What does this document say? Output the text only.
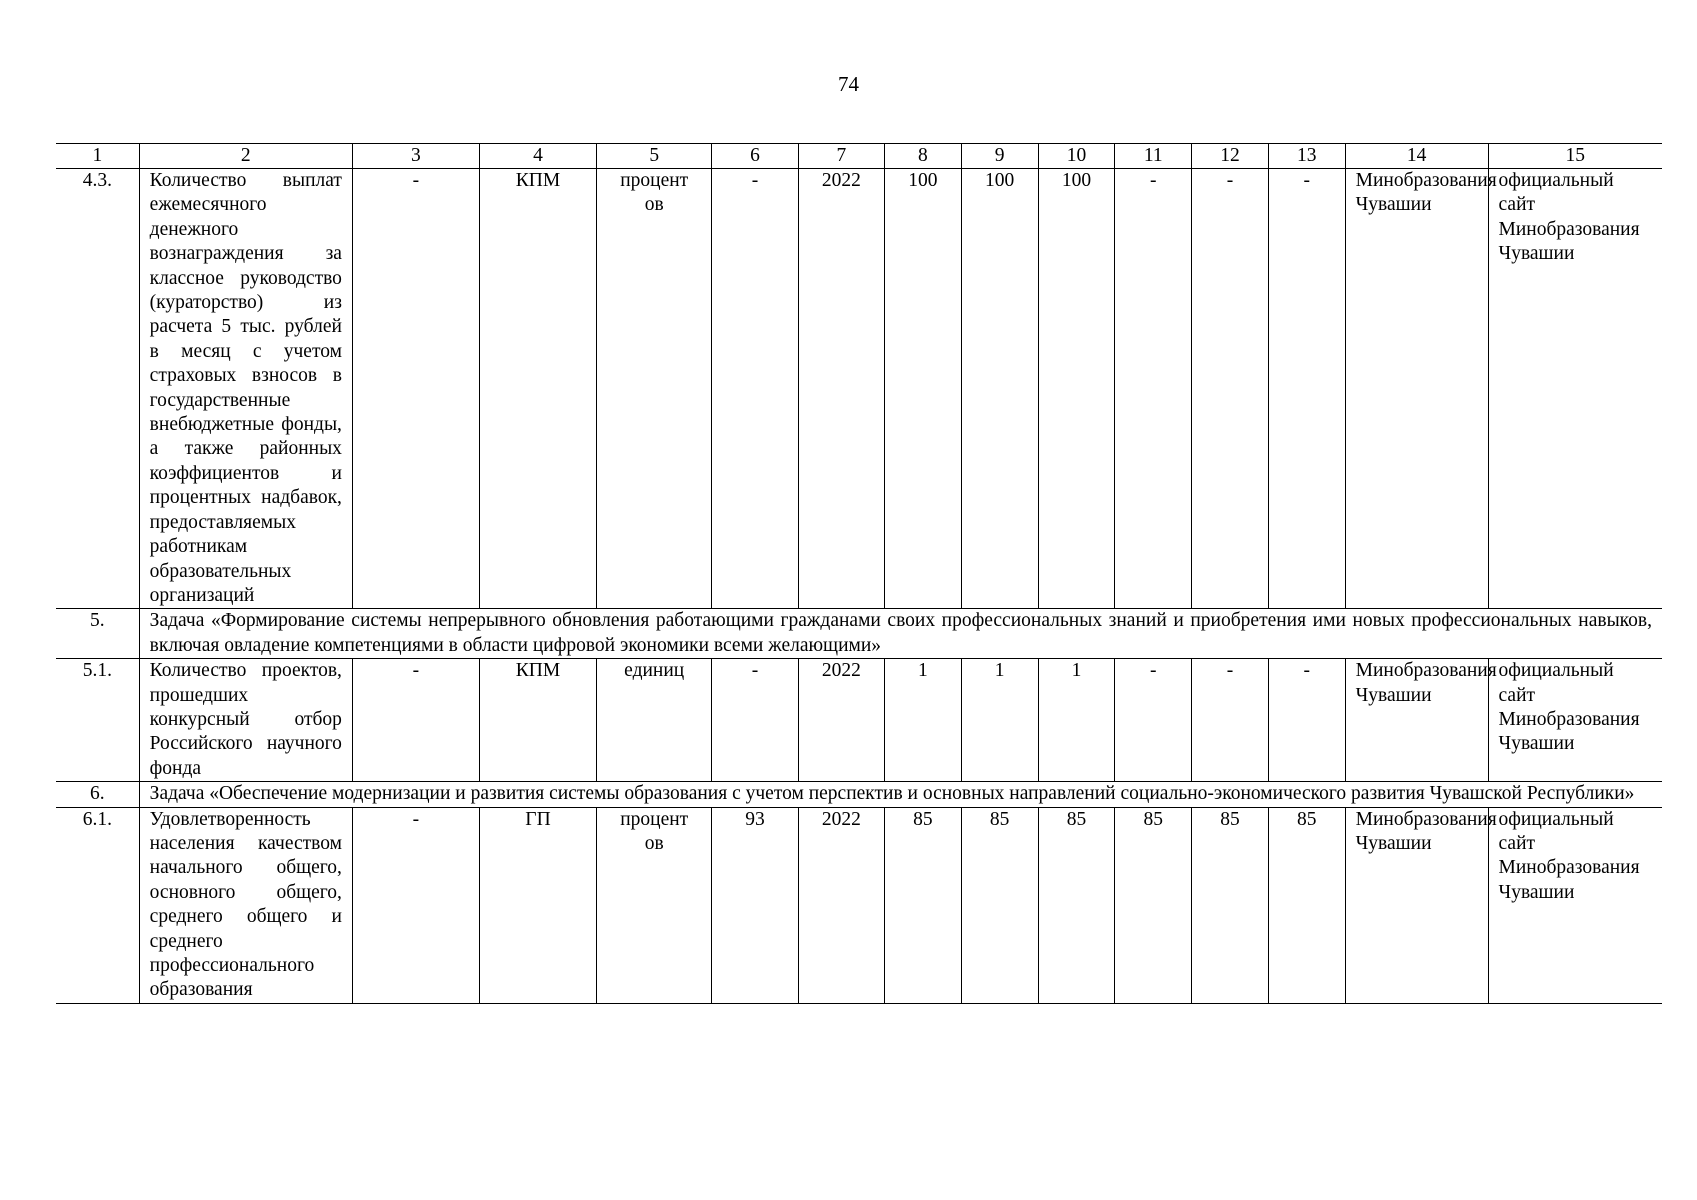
74
1	2	3	4	5	6	7	8	9	10	11	12	13	14	15
4.3.	Количество выплат ежемесячного денежного вознаграждения за классное руководство (кураторство) из расчета 5 тыс. рублей в месяц с учетом страховых взносов в государственные внебюджетные фонды, а также районных коэффициентов и процентных надбавок, предоставляемых работникам образовательных организаций	-	КПМ	процентов	-	2022	100	100	100	-	-	-	Минобразования Чувашии	официальный сайт Минобразования Чувашии
5.	Задача «Формирование системы непрерывного обновления работающими гражданами своих профессиональных знаний и приобретения ими новых профессиональных навыков, включая овладение компетенциями в области цифровой экономики всеми желающими»													
5.1.	Количество проектов, прошедших конкурсный отбор Российского научного фонда	-	КПМ	единиц	-	2022	1	1	1	-	-	-	Минобразования Чувашии	официальный сайт Минобразования Чувашии
6.	Задача «Обеспечение модернизации и развития системы образования с учетом перспектив и основных направлений социально-экономического развития Чувашской Республики»													
6.1.	Удовлетворенность населения качеством начального общего, основного общего, среднего общего и среднего профессионального образования	-	ГП	процентов	93	2022	85	85	85	85	85	85	Минобразования Чувашии	официальный сайт Минобразования Чувашии
